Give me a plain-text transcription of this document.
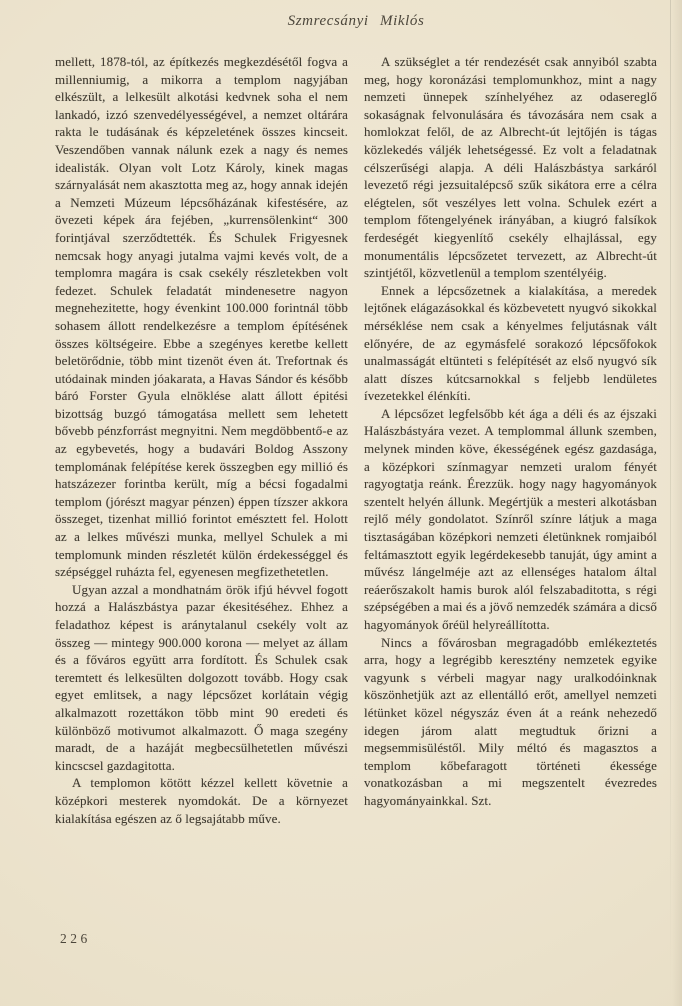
Szmrecsányi Miklós

mellett, 1878-tól, az építkezés megkezdésétől fogva a millenniumig, a mikorra a templom nagyjában elkészült, a lelkesült alkotási kedvnek soha el nem lankadó, izzó szenvedélyességével, a nemzet oltárára rakta le tudásának és képzeletének összes kincseit. Veszendőben vannak nálunk ezek a nagy és nemes idealisták. Olyan volt Lotz Károly, kinek magas szárnyalását nem akasztotta meg az, hogy annak idején a Nemzeti Múzeum lépcsőházának kifestésére, az övezeti képek ára fejében, „kurrensölenkint“ 300 forintjával szerződtették. És Schulek Frigyesnek nemcsak hogy anyagi jutalma vajmi kevés volt, de a templomra magára is csak csekély részletekben volt fedezet. Schulek feladatát mindenesetre nagyon megnehezitette, hogy évenkint 100.000 forintnál több sohasem állott rendelkezésre a templom építésének összes költségeire. Ebbe a szegényes keretbe kellett beletörődnie, több mint tizenöt éven át. Trefortnak és utódainak minden jóakarata, a Havas Sándor és később báró Forster Gyula elnöklése alatt állott épitési bizottság buzgó támogatása mellett sem lehetett bővebb pénzforrást megnyitni. Nem megdöbbentő-e az az egybevetés, hogy a budavári Boldog Asszony templomának felépítése kerek összegben egy millió és hatszázezer forintba került, míg a bécsi fogadalmi templom (jórészt magyar pénzen) éppen tízszer akkora összeget, tizenhat millió forintot emésztett fel. Holott az a lelkes művészi munka, mellyel Schulek a mi templomunk minden részletét külön érdekességgel és szépséggel ruházta fel, egyenesen megfizethetetlen.

Ugyan azzal a mondhatnám örök ifjú hévvel fogott hozzá a Halászbástya pazar ékesitéséhez. Ehhez a feladathoz képest is aránytalanul csekély volt az összeg — mintegy 900.000 korona — melyet az állam és a főváros együtt arra fordított. És Schulek csak teremtett és lelkesülten dolgozott tovább. Hogy csak egyet emlitsek, a nagy lépcsőzet korlátain végig alkalmazott rozettákon több mint 90 eredeti és különböző motivumot alkalmazott. Ő maga szegény maradt, de a hazáját megbecsülhetetlen művészi kincscsel gazdagitotta.

A templomon kötött kézzel kellett követnie a középkori mesterek nyomdokát. De a környezet kialakítása egészen az ő legsajátabb műve.

A szükséglet a tér rendezését csak annyiból szabta meg, hogy koronázási templomunkhoz, mint a nagy nemzeti ünnepek színhelyéhez az odasereglő sokaságnak felvonulására és távozására nem csak a homlokzat felől, de az Albrecht-út lejtőjén is tágas közlekedés váljék lehetségessé. Ez volt a feladatnak célszerűségi alapja. A déli Halászbástya sarkáról levezető régi jezsuitalépcső szűk sikátora erre a célra elégtelen, sőt veszélyes lett volna. Schulek ezért a templom főtengelyének irányában, a kiugró falsíkok ferdeségét kiegyenlítő csekély elhajlással, egy monumentális lépcsőzetet tervezett, az Albrecht-út szintjétől, közvetlenül a templom szentélyéig.

Ennek a lépcsőzetnek a kialakítása, a meredek lejtőnek elágazásokkal és közbevetett nyugvó sikokkal mérséklése nem csak a kényelmes feljutásnak vált előnyére, de az egymásfelé sorakozó lépcsőfokok unalmasságát eltünteti s felépítését az első nyugvó sík alatt díszes kútcsarnokkal s feljebb lendületes ívezetekkel élénkíti.

A lépcsőzet legfelsőbb két ága a déli és az éjszaki Halászbástyára vezet. A templommal állunk szemben, melynek minden köve, ékességének egész gazdasága, a középkori színmagyar nemzeti uralom fényét ragyogtatja reánk. Érezzük. hogy nagy hagyományok szentelt helyén állunk. Megértjük a mesteri alkotásban rejlő mély gondolatot. Színről színre látjuk a maga tisztaságában középkori nemzeti életünknek romjaiból feltámasztott egyik legérdekesebb tanuját, úgy amint a művész lángelméje azt az ellenséges hatalom által reáerőszakolt hamis burok alól felszabaditotta, s régi szépségében a mai és a jövő nemzedék számára a dicső hagyományok őréül helyreállította.

Nincs a fővárosban megragadóbb emlékeztetés arra, hogy a legrégibb keresztény nemzetek egyike vagyunk s vérbeli magyar nagy uralkodóinknak köszönhetjük azt az ellentálló erőt, amellyel nemzeti létünket közel négyszáz éven át a reánk nehezedő idegen járom alatt megtudtuk őrizni a megsemmisüléstől. Mily méltó és magasztos a templom kőbefaragott történeti ékessége vonatkozásban a mi megszentelt évezredes hagyományainkkal. Szt.

226
